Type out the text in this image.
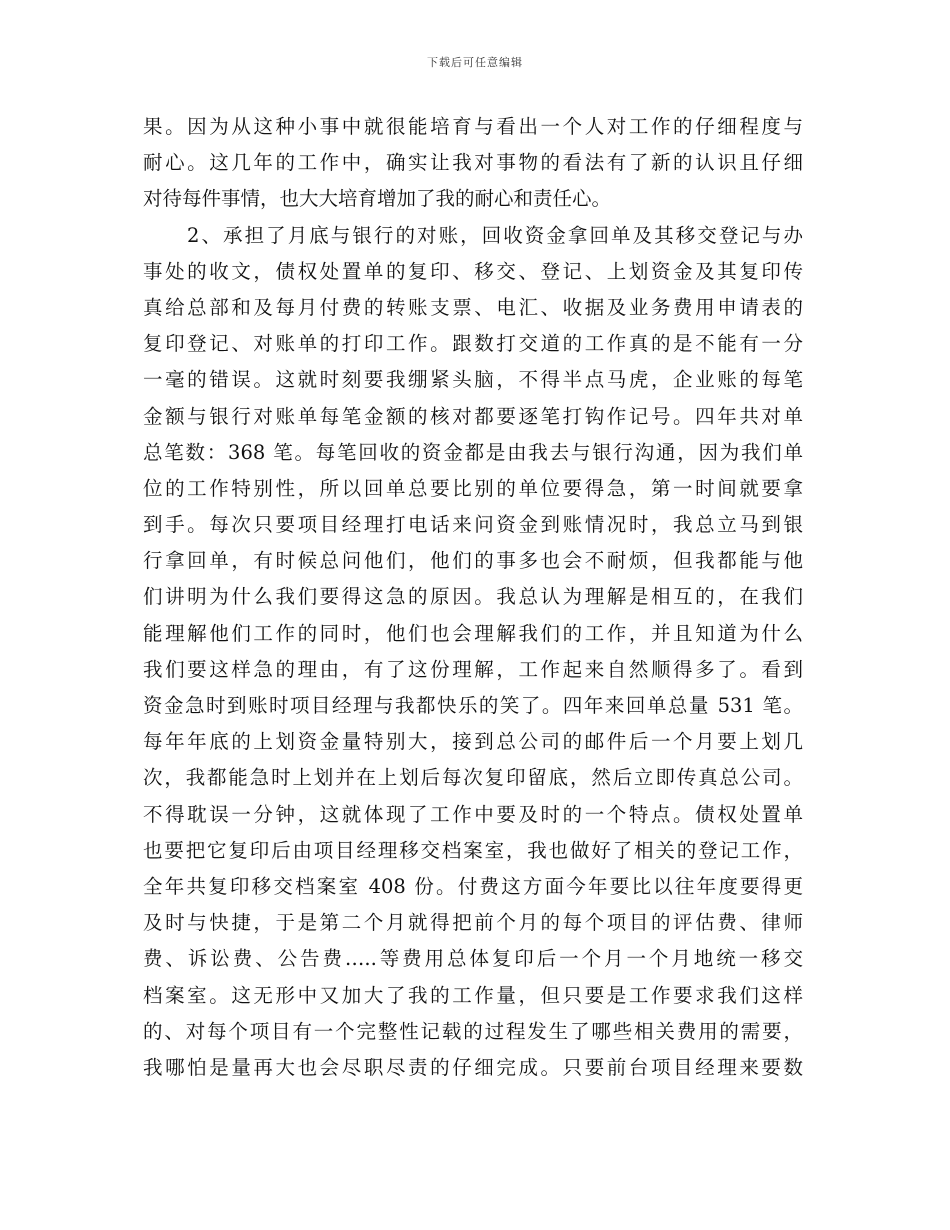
下载后可任意编辑
果。因为从这种小事中就很能培育与看出一个人对工作的仔细程度与
耐心。这几年的工作中，确实让我对事物的看法有了新的认识且仔细
对待每件事情，也大大培育增加了我的耐心和责任心。
2、承担了月底与银行的对账，回收资金拿回单及其移交登记与办
事处的收文，债权处置单的复印、移交、登记、上划资金及其复印传
真给总部和及每月付费的转账支票、电汇、收据及业务费用申请表的
复印登记、对账单的打印工作。跟数打交道的工作真的是不能有一分
一毫的错误。这就时刻要我绷紧头脑，不得半点马虎，企业账的每笔
金额与银行对账单每笔金额的核对都要逐笔打钩作记号。四年共对单
总笔数：368 笔。每笔回收的资金都是由我去与银行沟通，因为我们单
位的工作特别性，所以回单总要比别的单位要得急，第一时间就要拿
到手。每次只要项目经理打电话来问资金到账情况时，我总立马到银
行拿回单，有时候总问他们，他们的事多也会不耐烦，但我都能与他
们讲明为什么我们要得这急的原因。我总认为理解是相互的，在我们
能理解他们工作的同时，他们也会理解我们的工作，并且知道为什么
我们要这样急的理由，有了这份理解，工作起来自然顺得多了。看到
资金急时到账时项目经理与我都快乐的笑了。四年来回单总量 531 笔。
每年年底的上划资金量特别大，接到总公司的邮件后一个月要上划几
次，我都能急时上划并在上划后每次复印留底，然后立即传真总公司。
不得耽误一分钟，这就体现了工作中要及时的一个特点。债权处置单
也要把它复印后由项目经理移交档案室，我也做好了相关的登记工作，
全年共复印移交档案室 408 份。付费这方面今年要比以往年度要得更
及时与快捷，于是第二个月就得把前个月的每个项目的评估费、律师
费、诉讼费、公告费…..等费用总体复印后一个月一个月地统一移交
档案室。这无形中又加大了我的工作量，但只要是工作要求我们这样
的、对每个项目有一个完整性记载的过程发生了哪些相关费用的需要，
我哪怕是量再大也会尽职尽责的仔细完成。只要前台项目经理来要数
